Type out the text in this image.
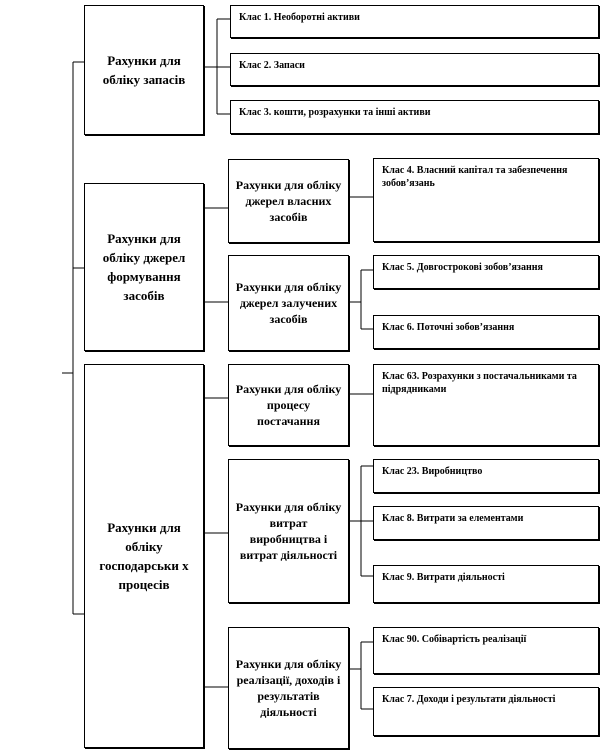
Рахунки для обліку запасів
Рахунки для обліку джерел формування засобів
Рахунки для обліку господарськи х процесів
Рахунки для обліку джерел власних засобів
Рахунки для обліку джерел залучених засобів
Рахунки для обліку процесу постачання
Рахунки для обліку витрат виробництва і витрат діяльності
Рахунки для обліку реалізації, доходів і результатів діяльності
Клас 1. Необоротні активи
Клас 2. Запаси
Клас 3. кошти, розрахунки та інші активи
Клас 4. Власний капітал та забезпечення зобов’язань
Клас 5. Довгострокові зобов’язання
Клас 6. Поточні зобов’язання
Клас 63. Розрахунки з постачальниками та підрядниками
Клас 23. Виробництво
Клас 8. Витрати за елементами
Клас 9. Витрати діяльності
Клас 90. Собівартість реалізації
Клас 7. Доходи і результати діяльності
